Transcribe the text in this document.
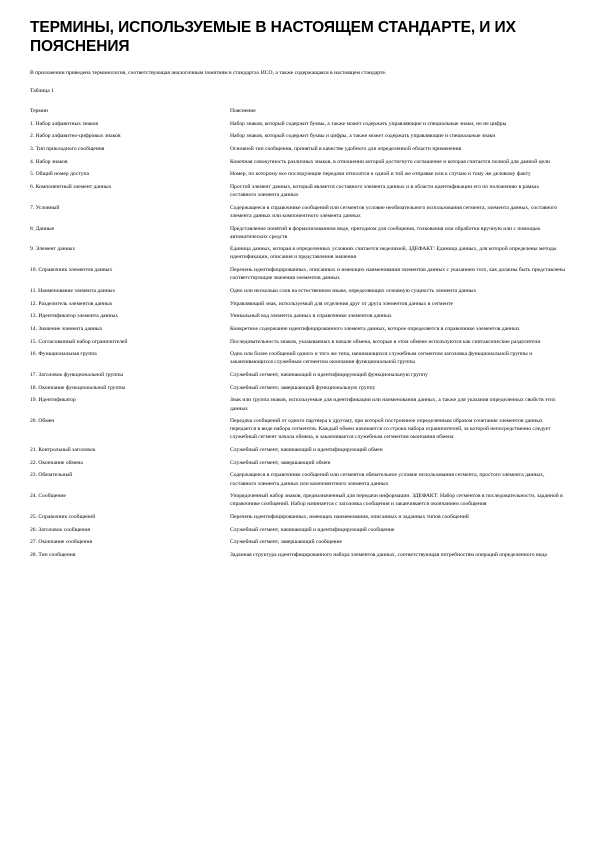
ТЕРМИНЫ, ИСПОЛЬЗУЕМЫЕ В НАСТОЯЩЕМ СТАНДАРТЕ, И ИХ ПОЯСНЕНИЯ
В приложении приведена терминология, соответствующая аналогичным понятиям в стандартах ИСО, а также содержащаяся в настоящем стандарте.
Таблица 1
Термин	Пояснение
1. Набор алфавитных знаков	Набор знаков, который содержит буквы, а также может содержать управляющие и специальные знаки, но не цифры
2. Набор алфавитно-цифровых знаков	Набор знаков, который содержит буквы и цифры, а также может содержать управляющие и специальные знаки
3. Тип прикладного сообщения	Основной тип сообщения, принятый в качестве удобного для определенной области применения
4. Набор знаков	Конечная совокупность различных знаков, в отношении которой достигнуто соглашение и которая считается полной для данной цели
5. Общий номер доступа	Номер, по которому все последующие передачи относятся к одной и той же отправке или к случаю и тому же деловому факту
6. Компонентный элемент данных	Простой элемент данных, который является составного элемента данных и в области идентификации его по положению в рамках составного элемента данных
7. Условный	Содержащееся в справочнике сообщений или сегментов условие необязательного использования сегмента, элемента данных, составного элемента данных или компонентного элемента данных
8. Данные	Представление понятий в формализованном виде, пригодном для сообщения, толкования или обработки вручную или с помощью автоматических средств
9. Элемент данных	Единица данных, которая в определенных условиях считается неделимой, ЗДЕФАКТ: Единица данных, для которой определены методы идентификации, описания и представления значения
10. Справочник элементов данных	Перечень идентифицированных, описанных и имеющих наименования элементов данных с указанием того, как должны быть представлены соответствующие значения элементов данных
11. Наименование элемента данных	Одно или несколько слов на естественном языке, определяющих основную сущность элемента данных
12. Разделитель элементов данных	Управляющий знак, используемый для отделения друг от друга элементов данных в сегменте
13. Идентификатор элемента данных	Уникальный код элемента данных в справочнике элементов данных
14. Значение элемента данных	Конкретное содержание идентифицированного элемента данных, которое определяется в справочнике элементов данных
15. Согласованный набор ограничителей	Последовательность знаков, указываемых в начале обмена, которые в этом обмене используются как синтаксические разделители
16. Функциональная группа	Одно или более сообщений одного и того же типа, начинающихся служебным сегментом заголовка функциональной группы и заканчивающихся служебным сегментом окончания функциональной группы
17. Заголовок функциональной группы	Служебный сегмент, начинающий и идентифицирующий функциональную группу
18. Окончание функциональной группы	Служебный сегмент, завершающий функциональную группу
19. Идентификатор	Знак или группа знаков, используемые для идентификации или наименования данных, а также для указания определенных свойств этих данных
20. Обмен	Передача сообщений от одного партнера к другому, при которой построенное определенным образом сочетание элементов данных передается в виде набора сегментов. Каждый обмен начинается со строки набора ограничителей, за которой непосредственно следует служебный сегмент начала обмена, и заканчивается служебным сегментом окончания обмена
21. Контрольный заголовок	Служебный сегмент, начинающий и идентифицирующий обмен
22. Окончание обмена	Служебный сегмент, завершающий обмен
23. Обязательный	Содержащееся в справочнике сообщений или сегментов обязательное условие использования сегмента, простого элемента данных, составного элемента данных или компонентного элемента данных
24. Сообщение	Упорядоченный набор знаков, предназначенный для передачи информации. ЗДЕФАКТ: Набор сегментов в последовательности, заданной в справочнике сообщений. Набор начинается с заголовка сообщения и заканчивается окончанием сообщения
25. Справочник сообщений	Перечень идентифицированных, имеющих наименования, описанных и заданных типов сообщений
26. Заголовок сообщения	Служебный сегмент, начинающий и идентифицирующий сообщение
27. Окончание сообщения	Служебный сегмент, завершающий сообщение
28. Тип сообщения	Заданная структура идентифицированного набора элементов данных, соответствующая потребностям операций определенного вида
